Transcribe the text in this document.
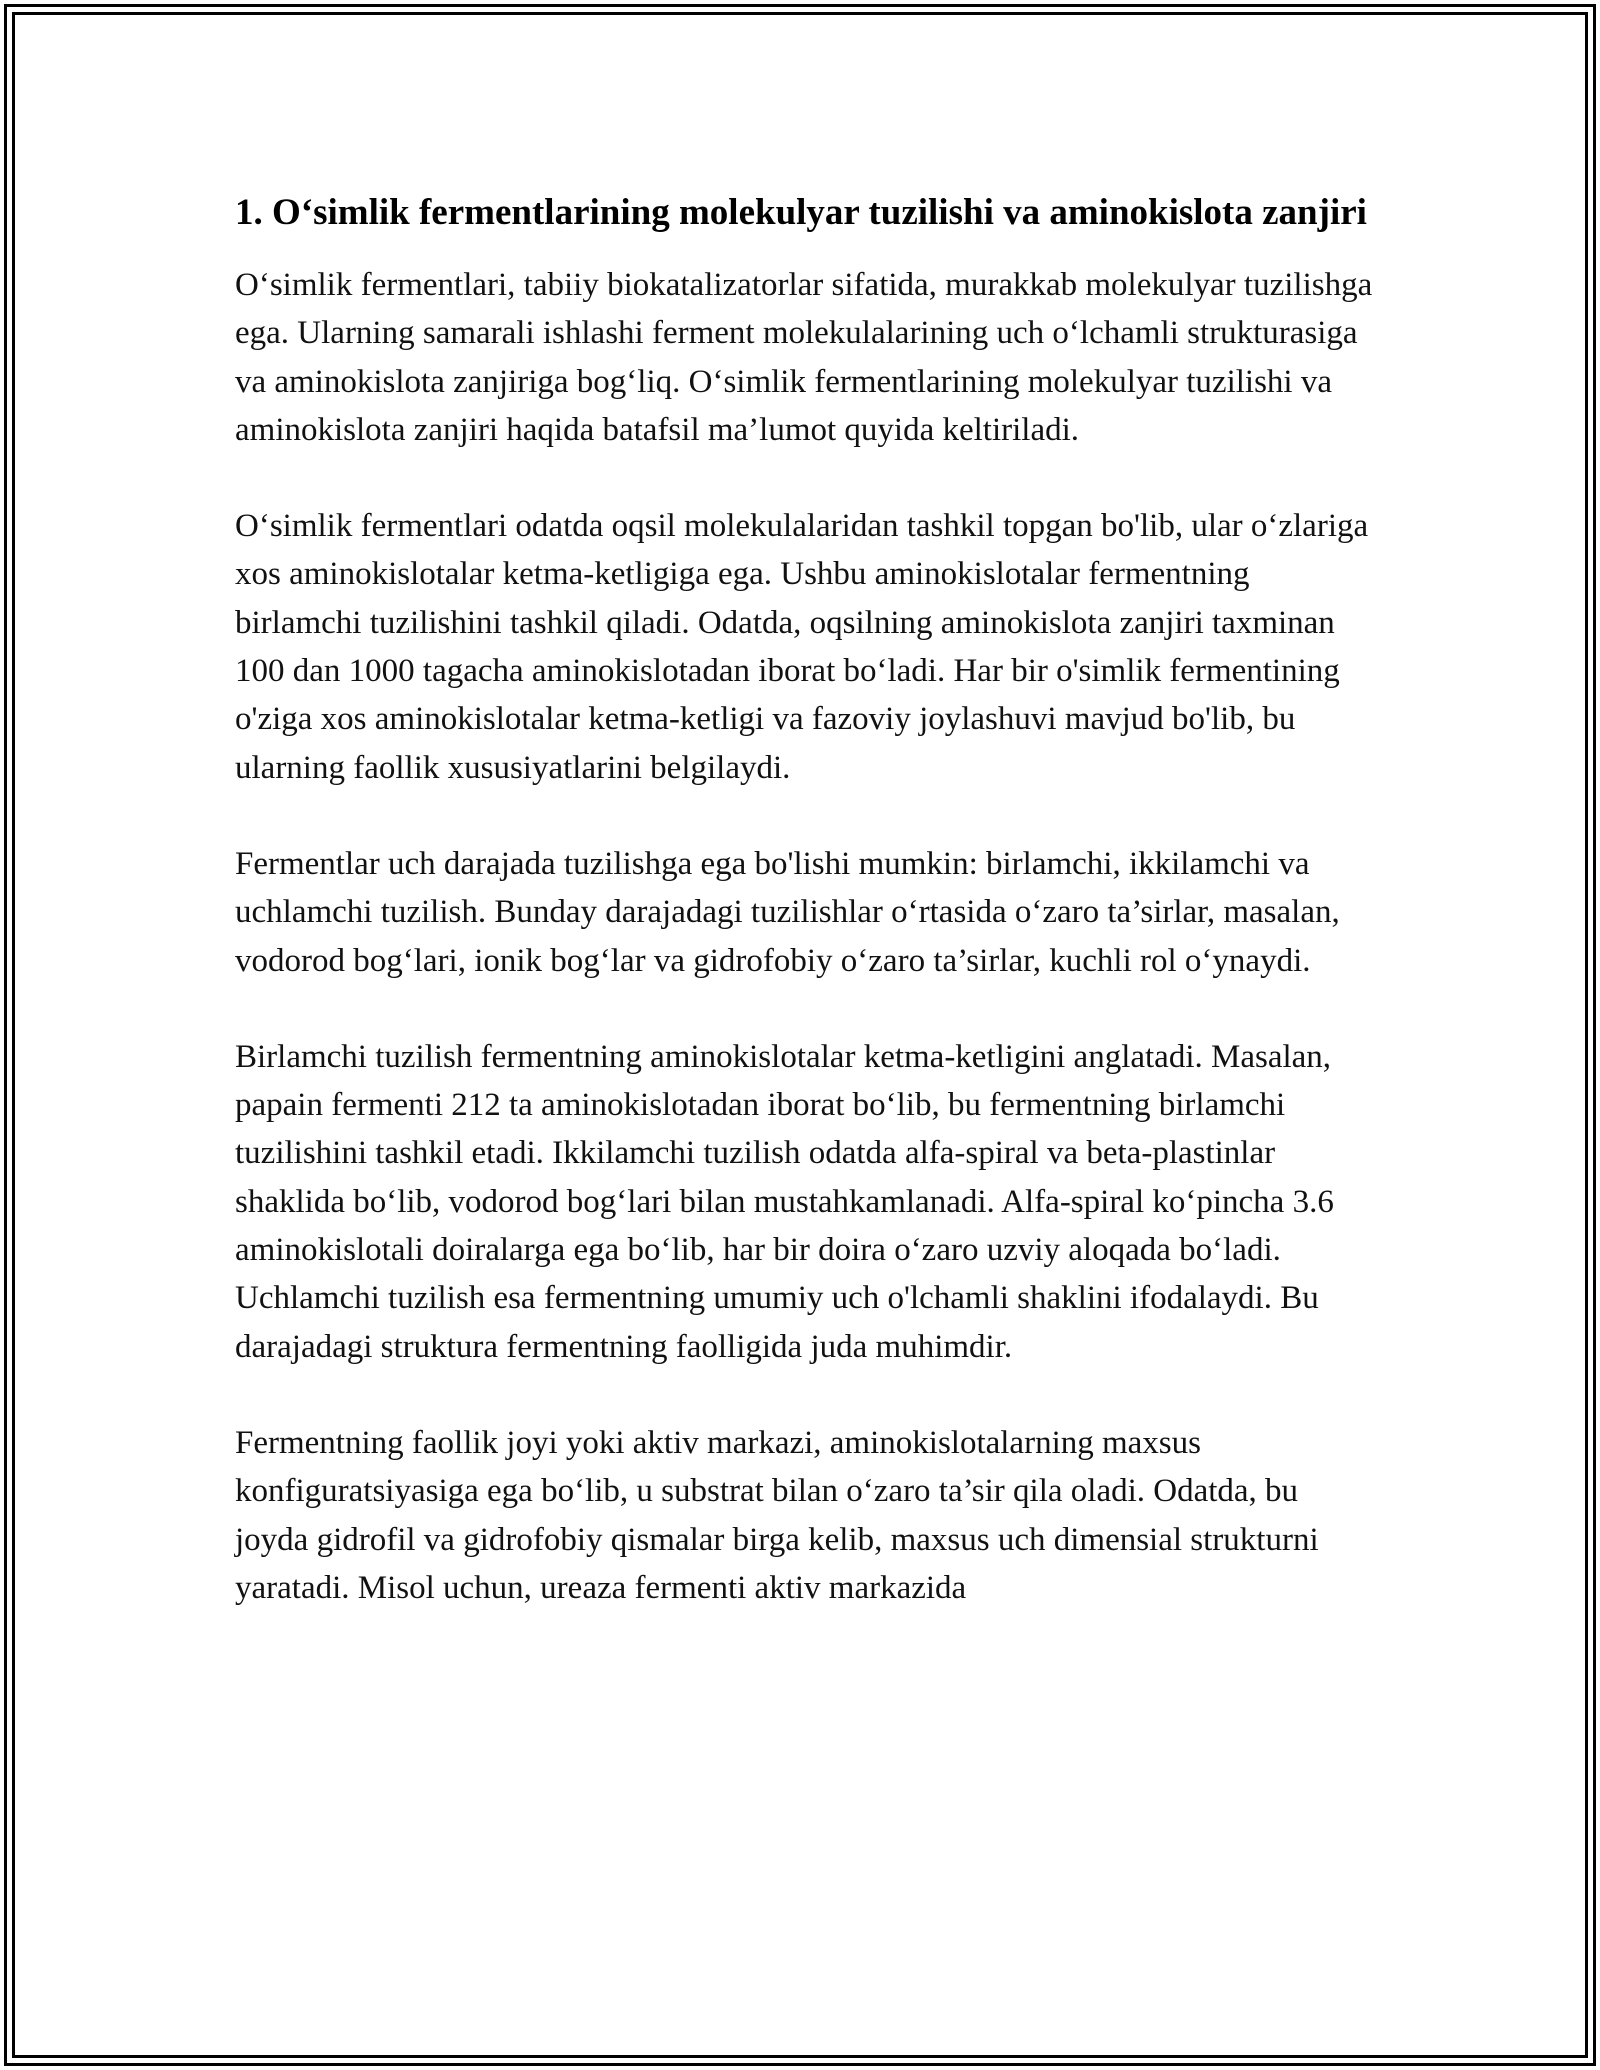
1. O‘simlik fermentlarining molekulyar tuzilishi va aminokislota zanjiri

O‘simlik fermentlari, tabiiy biokatalizatorlar sifatida, murakkab molekulyar tuzilishga ega. Ularning samarali ishlashi ferment molekulalarining uch o‘lchamli strukturasiga va aminokislota zanjiriga bog‘liq. O‘simlik fermentlarining molekulyar tuzilishi va aminokislota zanjiri haqida batafsil ma’lumot quyida keltiriladi.

O‘simlik fermentlari odatda oqsil molekulalaridan tashkil topgan bo'lib, ular o‘zlariga xos aminokislotalar ketma-ketligiga ega. Ushbu aminokislotalar fermentning birlamchi tuzilishini tashkil qiladi. Odatda, oqsilning aminokislota zanjiri taxminan 100 dan 1000 tagacha aminokislotadan iborat bo‘ladi. Har bir o'simlik fermentining o'ziga xos aminokislotalar ketma-ketligi va fazoviy joylashuvi mavjud bo'lib, bu ularning faollik xususiyatlarini belgilaydi.

Fermentlar uch darajada tuzilishga ega bo'lishi mumkin: birlamchi, ikkilamchi va uchlamchi tuzilish. Bunday darajadagi tuzilishlar o‘rtasida o‘zaro ta’sirlar, masalan, vodorod bog‘lari, ionik bog‘lar va gidrofobiy o‘zaro ta’sirlar, kuchli rol o‘ynaydi.

Birlamchi tuzilish fermentning aminokislotalar ketma-ketligini anglatadi. Masalan, papain fermenti 212 ta aminokislotadan iborat bo‘lib, bu fermentning birlamchi tuzilishini tashkil etadi. Ikkilamchi tuzilish odatda alfa-spiral va beta-plastinlar shaklida bo‘lib, vodorod bog‘lari bilan mustahkamlanadi. Alfa-spiral ko‘pincha 3.6 aminokislotali doiralarga ega bo‘lib, har bir doira o‘zaro uzviy aloqada bo‘ladi. Uchlamchi tuzilish esa fermentning umumiy uch o'lchamli shaklini ifodalaydi. Bu darajadagi struktura fermentning faolligida juda muhimdir.

Fermentning faollik joyi yoki aktiv markazi, aminokislotalarning maxsus konfiguratsiyasiga ega bo‘lib, u substrat bilan o‘zaro ta’sir qila oladi. Odatda, bu joyda gidrofil va gidrofobiy qismalar birga kelib, maxsus uch dimensial strukturni yaratadi. Misol uchun, ureaza fermenti aktiv markazida
